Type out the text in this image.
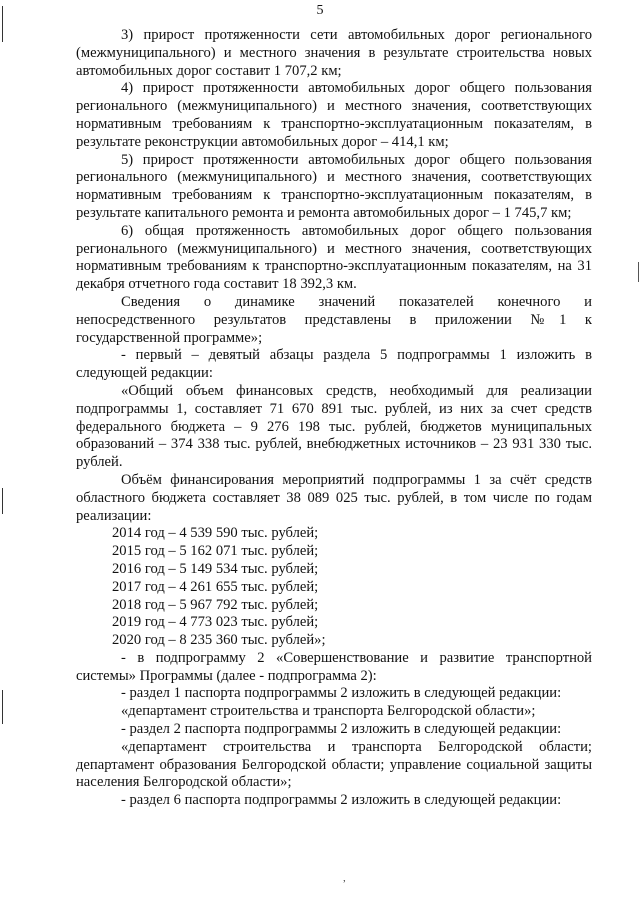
,
5

3) прирост протяженности сети автомобильных дорог регионального (межмуниципального) и местного значения в результате строительства новых автомобильных дорог составит 1 707,2 км;

4) прирост протяженности автомобильных дорог общего пользования регионального (межмуниципального) и местного значения, соответствующих нормативным требованиям к транспортно-эксплуатационным показателям, в результате реконструкции автомобильных дорог – 414,1 км;

5) прирост протяженности автомобильных дорог общего пользования регионального (межмуниципального) и местного значения, соответствующих нормативным требованиям к транспортно-эксплуатационным показателям, в результате капитального ремонта и ремонта автомобильных дорог – 1 745,7 км;

6) общая протяженность автомобильных дорог общего пользования регионального (межмуниципального) и местного значения, соответствующих нормативным требованиям к транспортно-эксплуатационным показателям, на 31 декабря отчетного года составит 18 392,3 км.

Сведения о динамике значений показателей конечного и непосредственного результатов представлены в приложении №1 к государственной программе»;

- первый – девятый абзацы раздела 5 подпрограммы 1 изложить в следующей редакции:

«Общий объем финансовых средств, необходимый для реализации подпрограммы 1, составляет 71 670 891 тыс. рублей, из них за счет средств федерального бюджета – 9 276 198 тыс. рублей, бюджетов муниципальных образований – 374 338 тыс. рублей, внебюджетных источников – 23 931 330 тыс. рублей.

Объём финансирования мероприятий подпрограммы 1 за счёт средств областного бюджета составляет 38 089 025 тыс. рублей, в том числе по годам реализации:

2014 год – 4 539 590 тыс. рублей;
2015 год – 5 162 071 тыс. рублей;
2016 год – 5 149 534 тыс. рублей;
2017 год – 4 261 655 тыс. рублей;
2018 год – 5 967 792 тыс. рублей;
2019 год – 4 773 023 тыс. рублей;
2020 год – 8 235 360 тыс. рублей»;

- в подпрограмму 2 «Совершенствование и развитие транспортной системы» Программы (далее - подпрограмма 2):

- раздел 1 паспорта подпрограммы 2 изложить в следующей редакции:

«департамент строительства и транспорта Белгородской области»;

- раздел 2 паспорта подпрограммы 2 изложить в следующей редакции:

«департамент строительства и транспорта Белгородской области; департамент образования Белгородской области; управление социальной защиты населения Белгородской области»;

- раздел 6 паспорта подпрограммы 2 изложить в следующей редакции:
